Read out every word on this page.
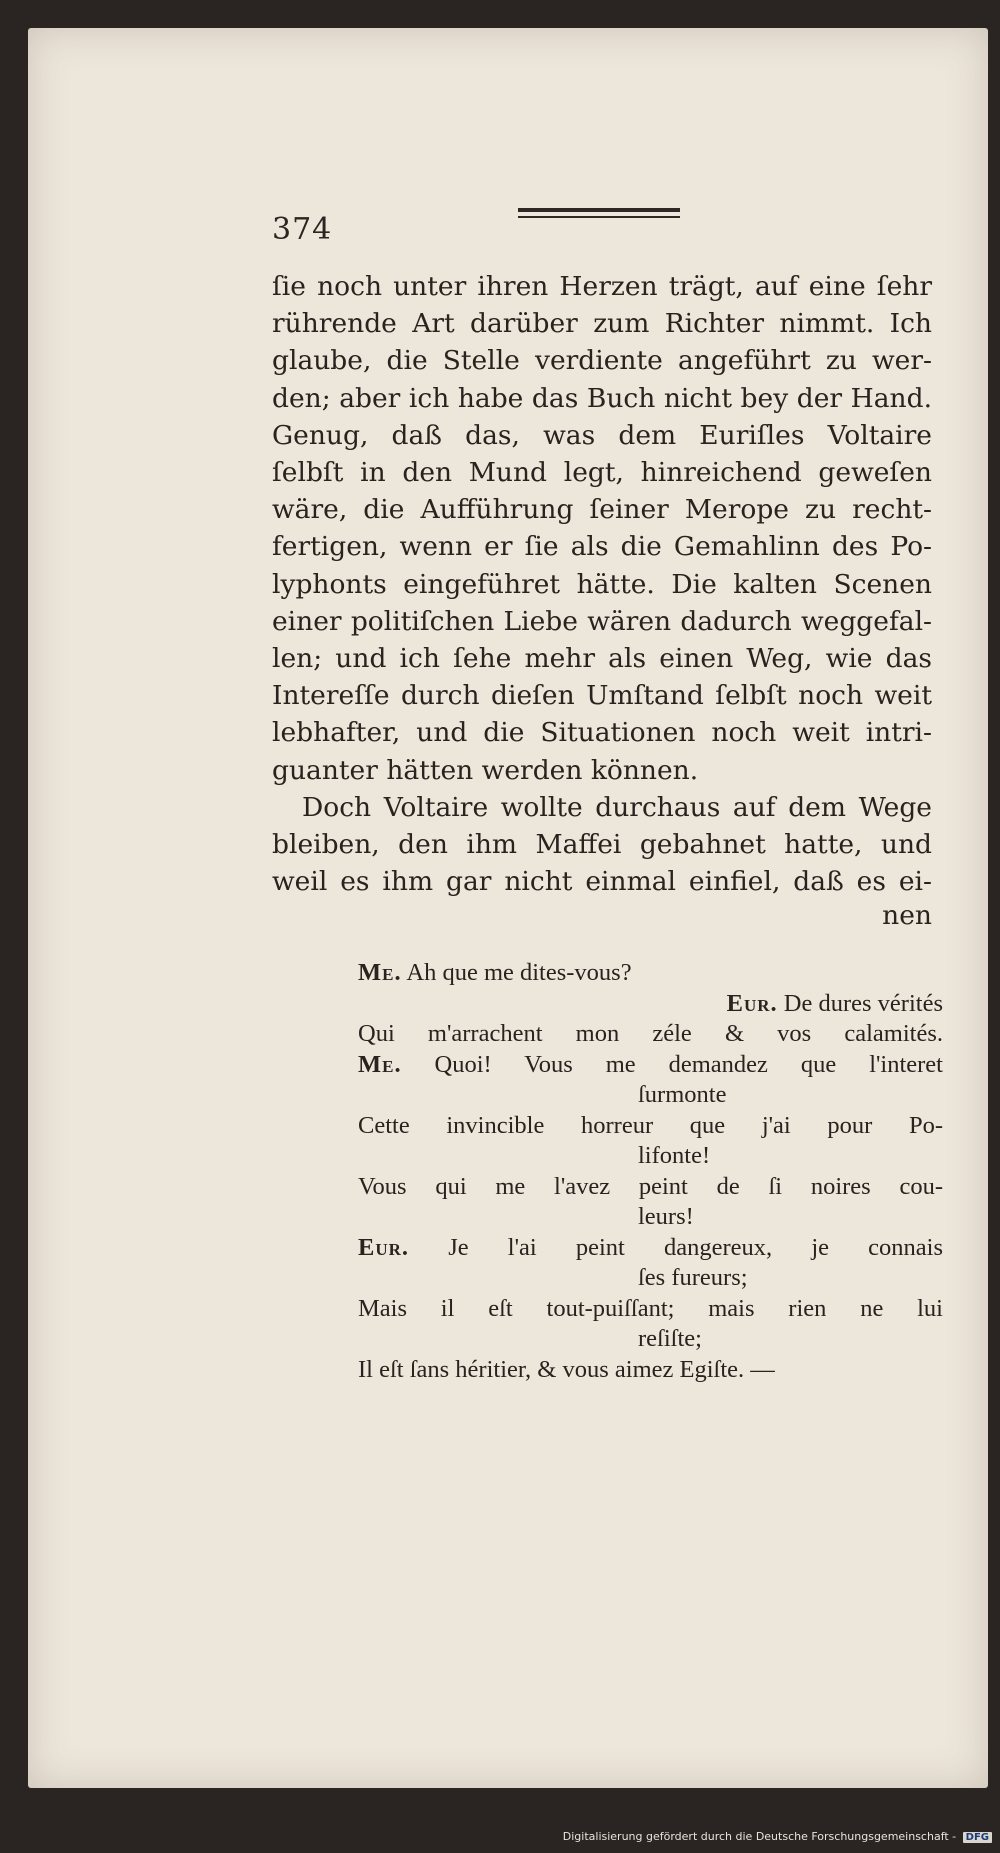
374
ſie noch unter ihren Herzen trägt, auf eine ſehr
rührende Art darüber zum Richter nimmt. Ich
glaube, die Stelle verdiente angeführt zu wer-
den; aber ich habe das Buch nicht bey der Hand.
Genug, daß das, was dem Euriſles Voltaire
ſelbſt in den Mund legt, hinreichend geweſen
wäre, die Aufführung ſeiner Merope zu recht-
fertigen, wenn er ſie als die Gemahlinn des Po-
lyphonts eingeführet hätte. Die kalten Scenen
einer politiſchen Liebe wären dadurch weggefal-
len; und ich ſehe mehr als einen Weg, wie das
Intereſſe durch dieſen Umſtand ſelbſt noch weit
lebhafter, und die Situationen noch weit intri-
guanter hätten werden können.
Doch Voltaire wollte durchaus auf dem Wege
bleiben, den ihm Maffei gebahnet hatte, und
weil es ihm gar nicht einmal einfiel, daß es ei-
nen
Me. Ah que me dites-vous?
Eur. De dures vérités
Qui m'arrachent mon zéle & vos calamités.
Me. Quoi! Vous me demandez que l'interet
ſurmonte
Cette invincible horreur que j'ai pour Po-
lifonte!
Vous qui me l'avez peint de ſi noires cou-
leurs!
Eur. Je l'ai peint dangereux, je connais
ſes fureurs;
Mais il eſt tout-puiſſant; mais rien ne lui
reſiſte;
Il eſt ſans héritier, & vous aimez Egiſte. —
Digitalisierung gefördert durch die Deutsche Forschungsgemeinschaft - DFG
